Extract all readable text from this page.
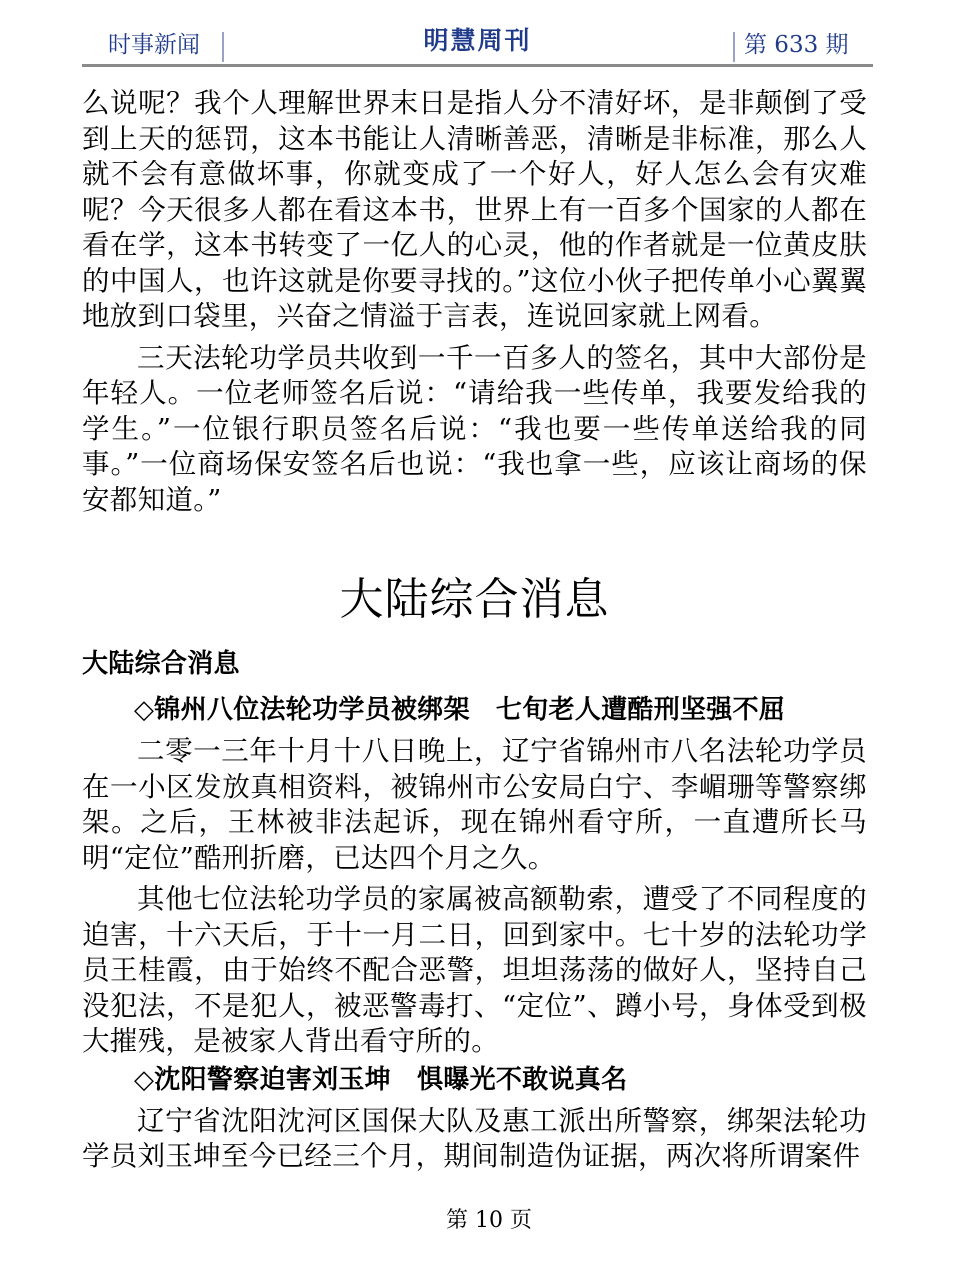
时事新闻	明慧周刊	第 633 期

么说呢？我个人理解世界末日是指人分不清好坏，是非颠倒了受到上天的惩罚，这本书能让人清晰善恶，清晰是非标准，那么人就不会有意做坏事，你就变成了一个好人，好人怎么会有灾难呢？今天很多人都在看这本书，世界上有一百多个国家的人都在看在学，这本书转变了一亿人的心灵，他的作者就是一位黄皮肤的中国人，也许这就是你要寻找的。”这位小伙子把传单小心翼翼地放到口袋里，兴奋之情溢于言表，连说回家就上网看。

三天法轮功学员共收到一千一百多人的签名，其中大部份是年轻人。一位老师签名后说：“请给我一些传单，我要发给我的学生。”一位银行职员签名后说：“我也要一些传单送给我的同事。”一位商场保安签名后也说：“我也拿一些，应该让商场的保安都知道。”

大陆综合消息
大陆综合消息
◇锦州八位法轮功学员被绑架 七旬老人遭酷刑坚强不屈

二零一三年十月十八日晚上，辽宁省锦州市八名法轮功学员在一小区发放真相资料，被锦州市公安局白宁、李嵋珊等警察绑架。之后，王林被非法起诉，现在锦州看守所，一直遭所长马明“定位”酷刑折磨，已达四个月之久。

其他七位法轮功学员的家属被高额勒索，遭受了不同程度的迫害，十六天后，于十一月二日，回到家中。七十岁的法轮功学员王桂霞，由于始终不配合恶警，坦坦荡荡的做好人，坚持自己没犯法，不是犯人，被恶警毒打、“定位”、蹲小号，身体受到极大摧残，是被家人背出看守所的。

◇沈阳警察迫害刘玉坤 惧曝光不敢说真名

辽宁省沈阳沈河区国保大队及惠工派出所警察，绑架法轮功学员刘玉坤至今已经三个月，期间制造伪证据，两次将所谓案件

第 10 页
